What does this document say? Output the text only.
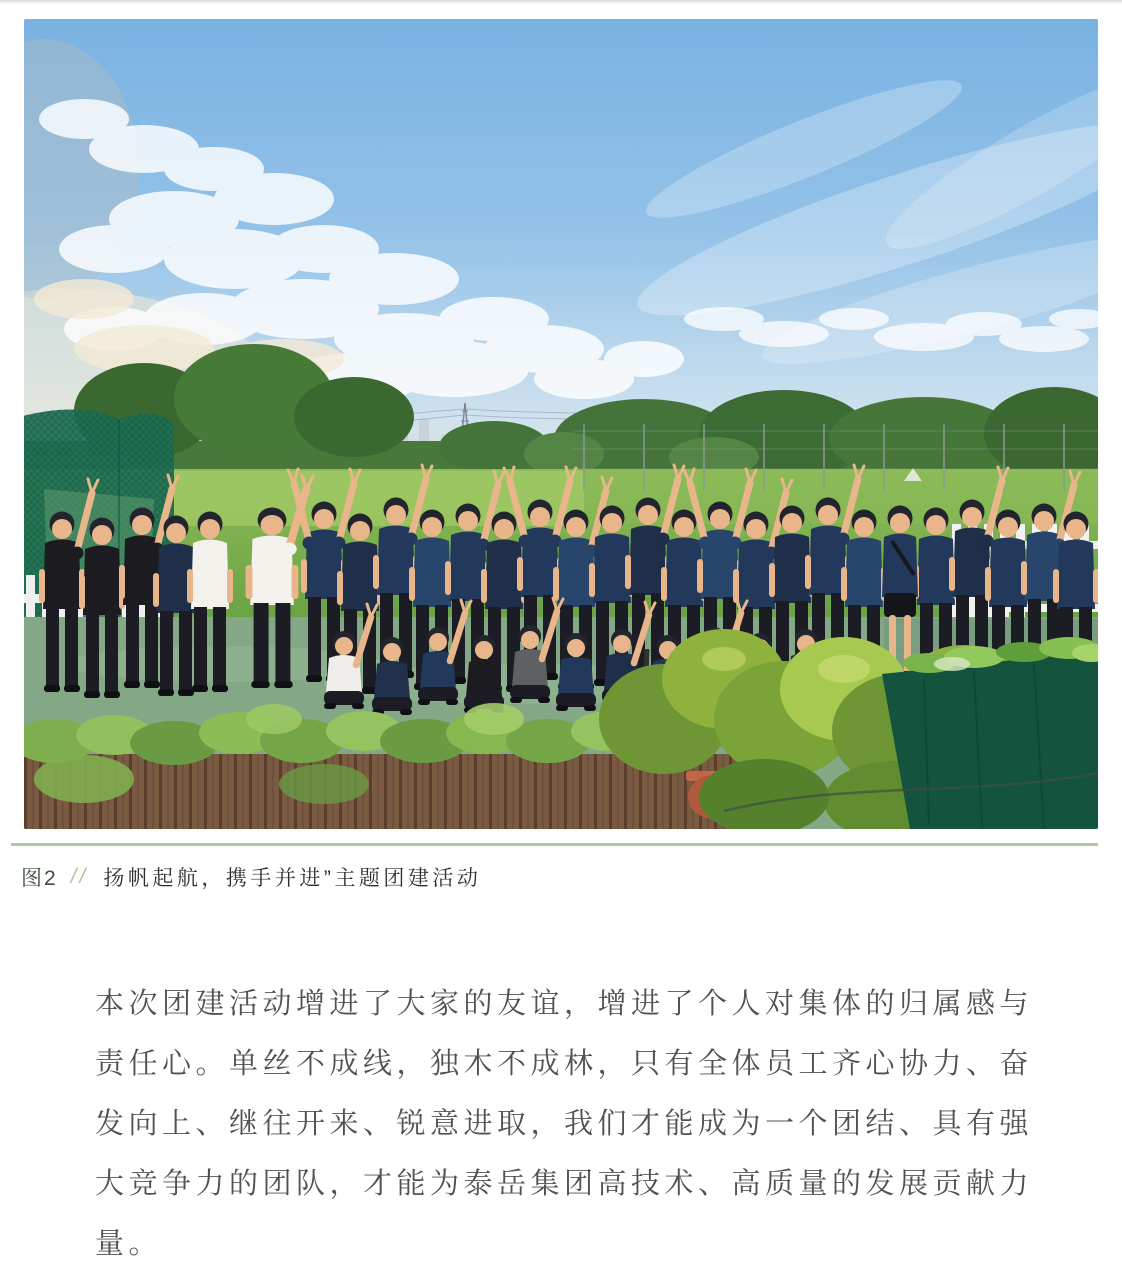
图2 // 扬帆起航，携手并进”主题团建活动
本次团建活动增进了大家的友谊，增进了个人对集体的归属感与
责任心。单丝不成线，独木不成林，只有全体员工齐心协力、奋
发向上、继往开来、锐意进取，我们才能成为一个团结、具有强
大竞争力的团队，才能为泰岳集团高技术、高质量的发展贡献力
量。
